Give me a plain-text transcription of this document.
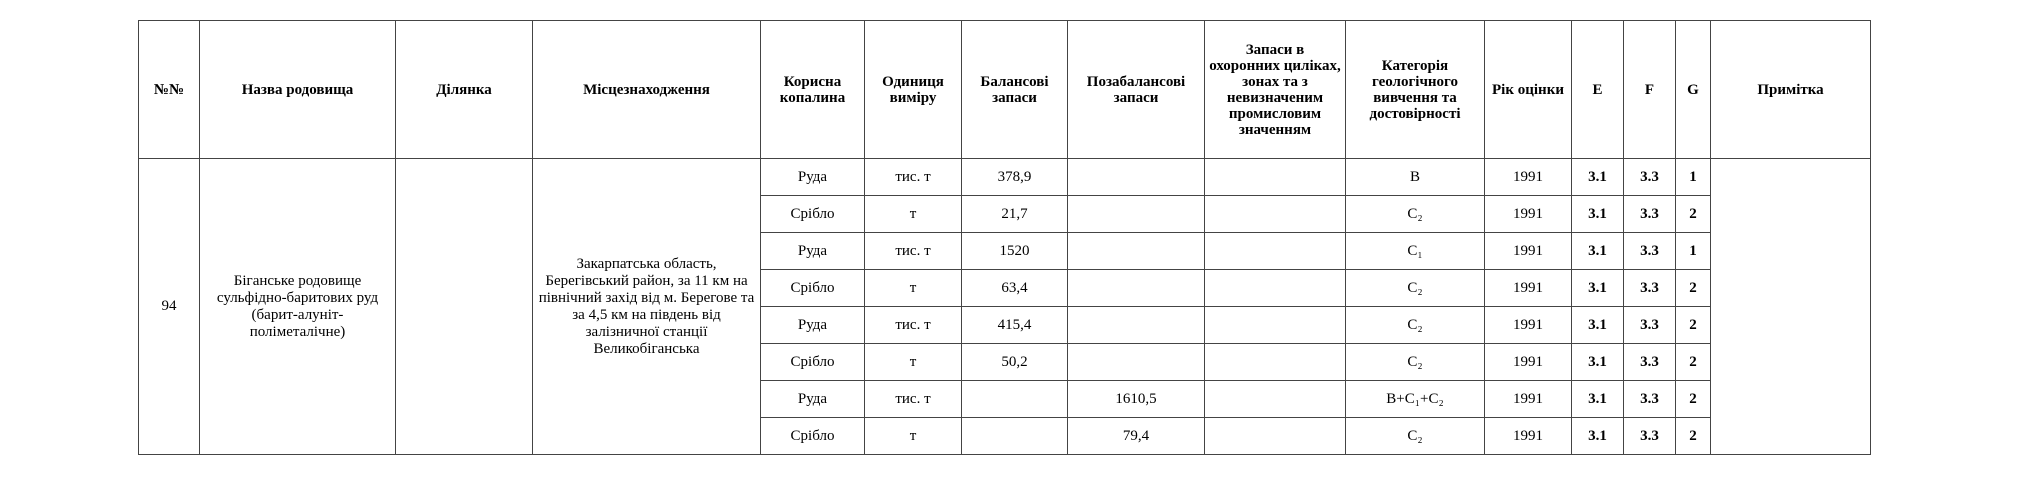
№№	Назва родовища	Ділянка	Місцезнаходження	Корисна копалина	Одиниця виміру	Балансові запаси	Позабалансові запаси	Запаси в охоронних циліках, зонах та з невизначеним промисловим значенням	Категорія геологічного вивчення та достовірності	Рік оцінки	E	F	G	Примітка
94	Біганське родовище сульфідно-баритових руд (барит-алуніт-поліметалічне)		Закарпатська область, Берегівський район, за 11 км на північний захід від м. Берегове та за 4,5 км на південь від залізничної станції Великобіганська	Руда	тис. т	378,9			B	1991	3.1	3.3	1	
				Срібло	т	21,7			C₂	1991	3.1	3.3	2	
				Руда	тис. т	1520			C₁	1991	3.1	3.3	1	
				Срібло	т	63,4			C₂	1991	3.1	3.3	2	
				Руда	тис. т	415,4			C₂	1991	3.1	3.3	2	
				Срібло	т	50,2			C₂	1991	3.1	3.3	2	
				Руда	тис. т		1610,5		B+C₁+C₂	1991	3.1	3.3	2	
				Срібло	т		79,4		C₂	1991	3.1	3.3	2	
